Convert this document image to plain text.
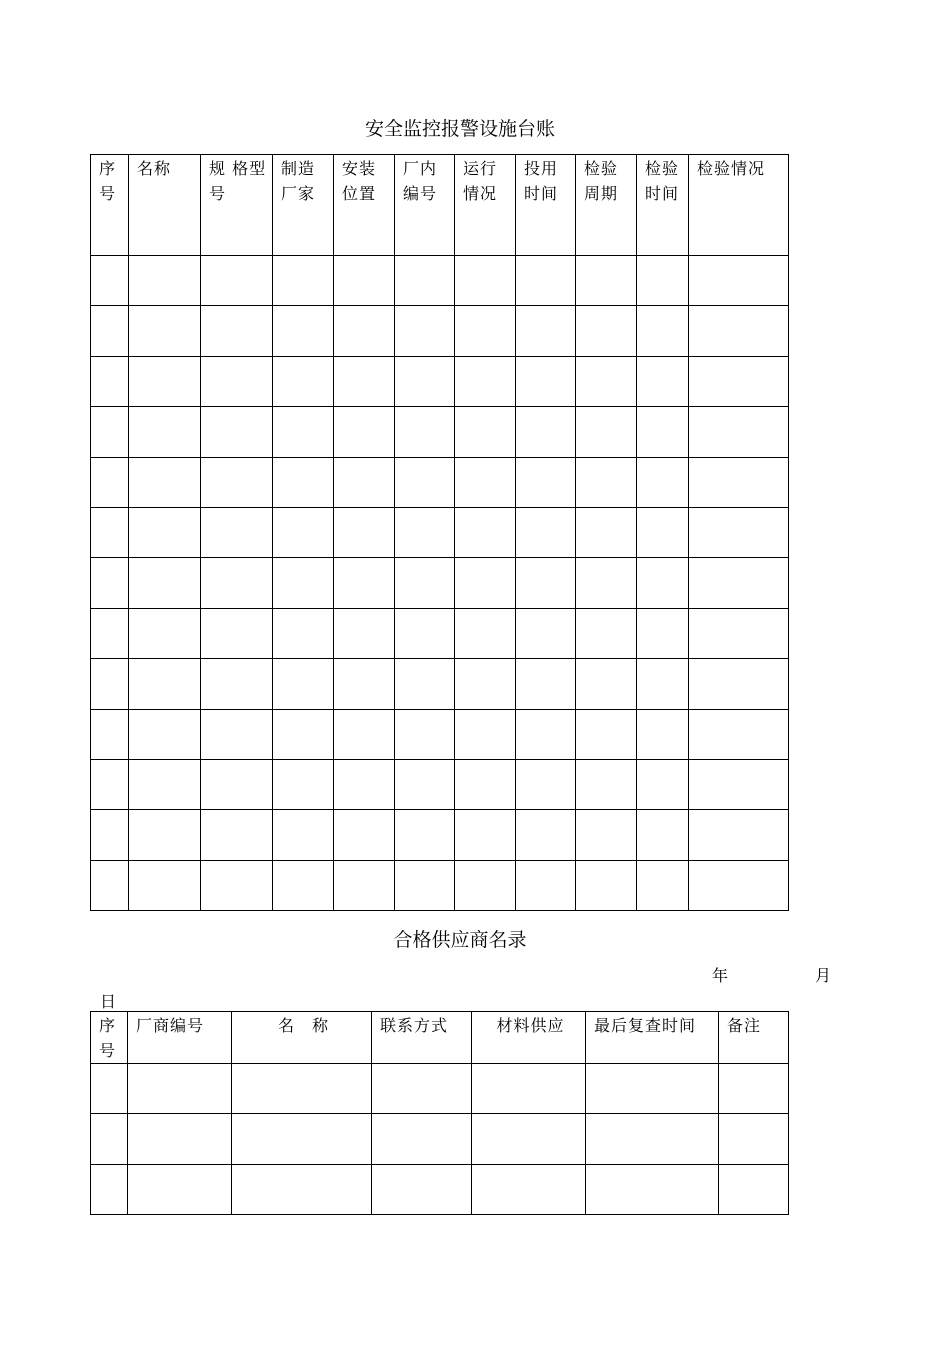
安全监控报警设施台账
序号	名称	规 格型号	制造厂家	安装位置	厂内编号	运行情况	投用时间	检验周期	检验时间	检验情况

合格供应商名录
年	月
日
序号	厂商编号	名　称	联系方式	材料供应	最后复查时间	备注
